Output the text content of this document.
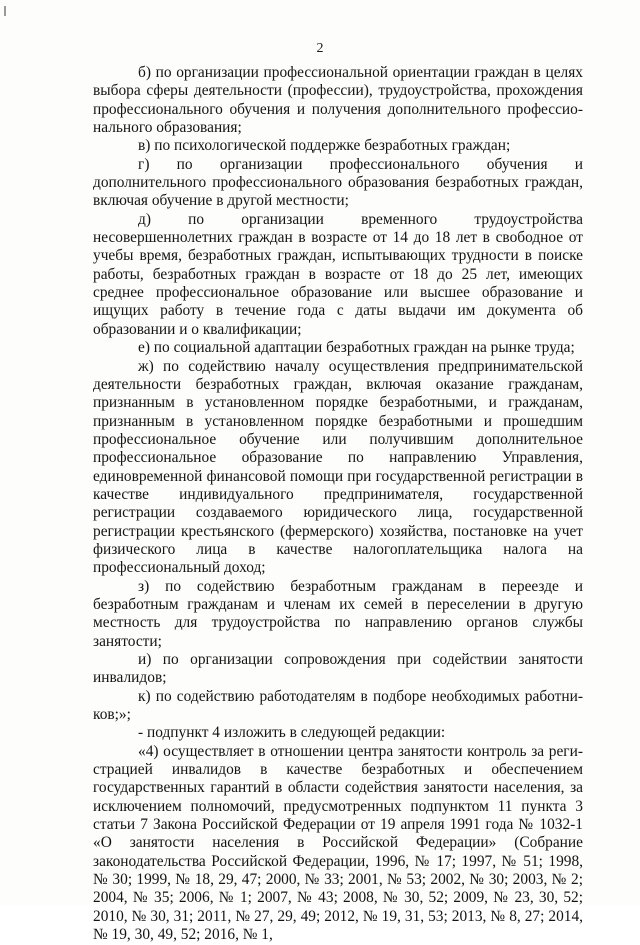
2

б) по организации профессиональной ориентации граждан в целях выбора сферы деятельности (профессии), трудоустройства, прохождения профессионального обучения и получения дополнительного профессионального образования;

в) по психологической поддержке безработных граждан;

г) по организации профессионального обучения и дополнительного профессионального образования безработных граждан, включая обучение в другой местности;

д) по организации временного трудоустройства несовершеннолетних граждан в возрасте от 14 до 18 лет в свободное от учебы время, безработных граждан, испытывающих трудности в поиске работы, безработных граждан в возрасте от 18 до 25 лет, имеющих среднее профессиональное образование или высшее образование и ищущих работу в течение года с даты выдачи им документа об образовании и о квалификации;

е) по социальной адаптации безработных граждан на рынке труда;

ж) по содействию началу осуществления предпринимательской деятельности безработных граждан, включая оказание гражданам, признанным в установленном порядке безработными, и гражданам, признанным в установленном порядке безработными и прошедшим профессиональное обучение или получившим дополнительное профессиональное образование по направлению Управления, единовременной финансовой помощи при государственной регистрации в качестве индивидуального предпринимателя, государственной регистрации создаваемого юридического лица, государственной регистрации крестьянского (фермерского) хозяйства, постановке на учет физического лица в качестве налогоплательщика налога на профессиональный доход;

з) по содействию безработным гражданам в переезде и безработным гражданам и членам их семей в переселении в другую местность для трудоустройства по направлению органов службы занятости;

и) по организации сопровождения при содействии занятости инвалидов;

к) по содействию работодателям в подборе необходимых работников;»;

- подпункт 4 изложить в следующей редакции:

«4) осуществляет в отношении центра занятости контроль за регистрацией инвалидов в качестве безработных и обеспечением государственных гарантий в области содействия занятости населения, за исключением полномочий, предусмотренных подпунктом 11 пункта 3 статьи 7 Закона Российской Федерации от 19 апреля 1991 года № 1032-1 «О занятости населения в Российской Федерации» (Собрание законодательства Российской Федерации, 1996, № 17; 1997, № 51; 1998, № 30; 1999, № 18, 29, 47; 2000, № 33; 2001, № 53; 2002, № 30; 2003, № 2; 2004, № 35; 2006, № 1; 2007, № 43; 2008, № 30, 52; 2009, № 23, 30, 52; 2010, № 30, 31; 2011, № 27, 29, 49; 2012, № 19, 31, 53; 2013, № 8, 27; 2014, № 19, 30, 49, 52; 2016, № 1,
